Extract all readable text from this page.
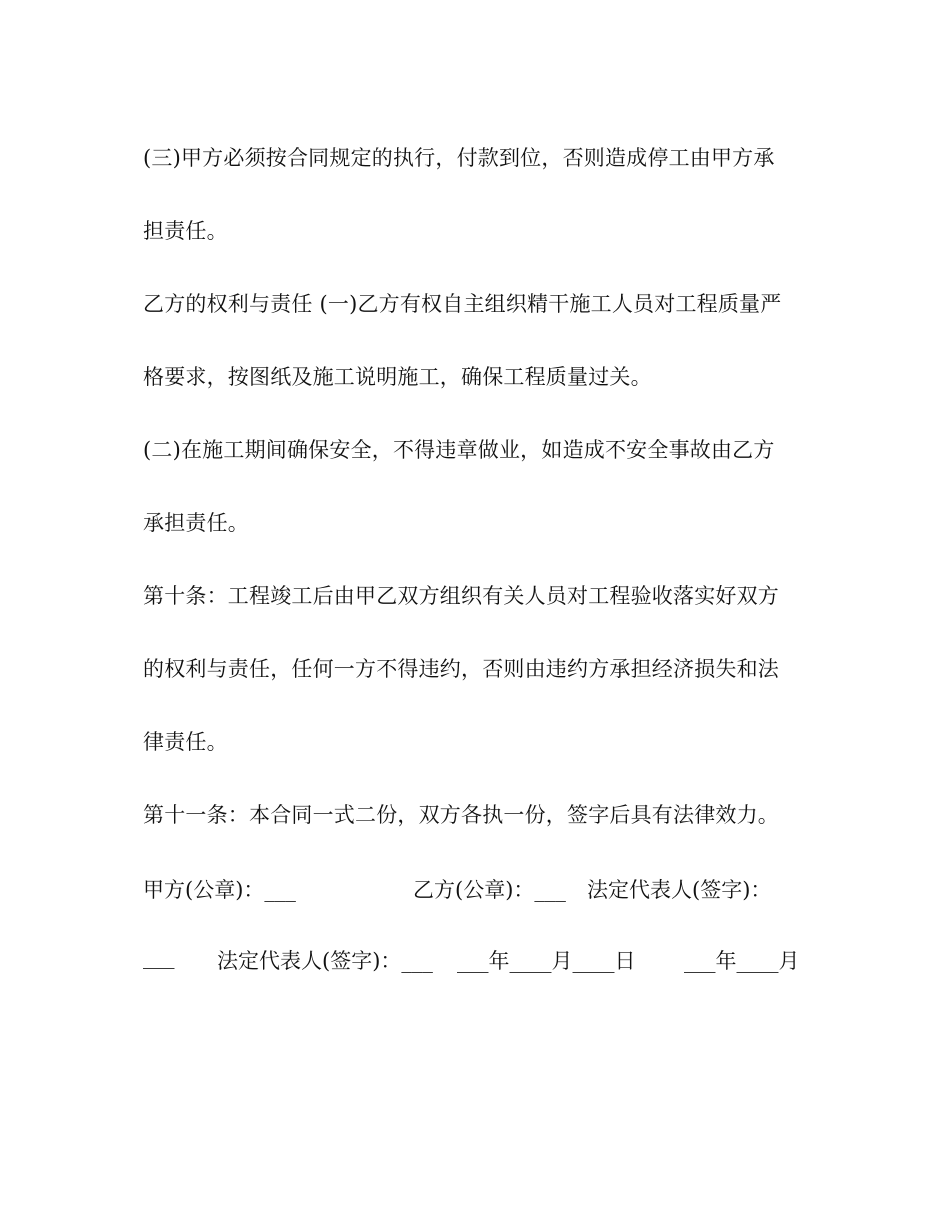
(三)甲方必须按合同规定的执行，付款到位，否则造成停工由甲方承
担责任。
乙方的权利与责任 (一)乙方有权自主组织精干施工人员对工程质量严
格要求，按图纸及施工说明施工，确保工程质量过关。
(二)在施工期间确保安全，不得违章做业，如造成不安全事故由乙方
承担责任。
第十条：工程竣工后由甲乙双方组织有关人员对工程验收落实好双方
的权利与责任，任何一方不得违约，否则由违约方承担经济损失和法
律责任。
第十一条：本合同一式二份，双方各执一份，签字后具有法律效力。
甲方(公章)：___	乙方(公章)：___ 法定代表人(签字)：
___ 法定代表人(签字)：___ ___年____月____日 ___年____月
